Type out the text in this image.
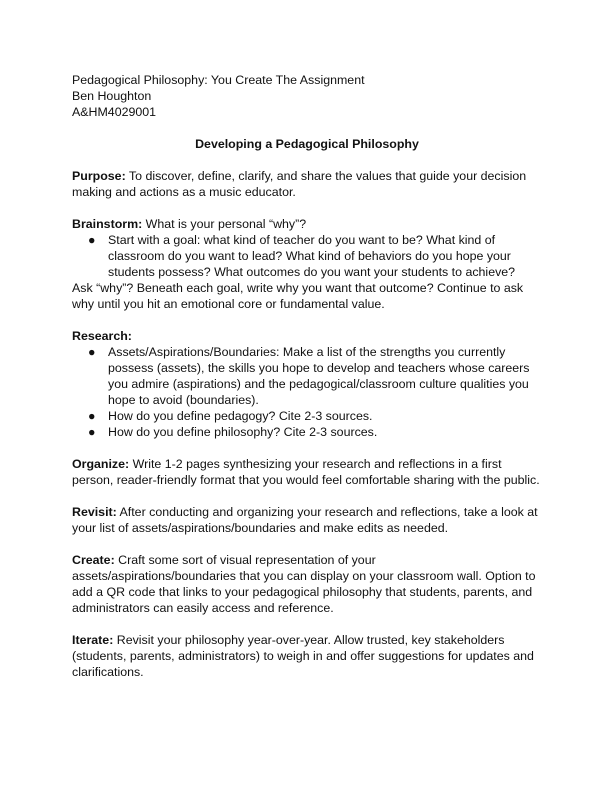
Pedagogical Philosophy: You Create The Assignment

Ben Houghton

A&HM4029001

Developing a Pedagogical Philosophy

Purpose: To discover, define, clarify, and share the values that guide your decision making and actions as a music educator.

Brainstorm: What is your personal “why”?

● Start with a goal: what kind of teacher do you want to be? What kind of classroom do you want to lead? What kind of behaviors do you hope your students possess? What outcomes do you want your students to achieve?

Ask “why”? Beneath each goal, write why you want that outcome? Continue to ask why until you hit an emotional core or fundamental value.

Research:

● Assets/Aspirations/Boundaries: Make a list of the strengths you currently possess (assets), the skills you hope to develop and teachers whose careers you admire (aspirations) and the pedagogical/classroom culture qualities you hope to avoid (boundaries).
● How do you define pedagogy? Cite 2-3 sources.
● How do you define philosophy? Cite 2-3 sources.

Organize: Write 1-2 pages synthesizing your research and reflections in a first person, reader-friendly format that you would feel comfortable sharing with the public.

Revisit: After conducting and organizing your research and reflections, take a look at your list of assets/aspirations/boundaries and make edits as needed.

Create: Craft some sort of visual representation of your assets/aspirations/boundaries that you can display on your classroom wall. Option to add a QR code that links to your pedagogical philosophy that students, parents, and administrators can easily access and reference.

Iterate: Revisit your philosophy year-over-year. Allow trusted, key stakeholders (students, parents, administrators) to weigh in and offer suggestions for updates and clarifications.
